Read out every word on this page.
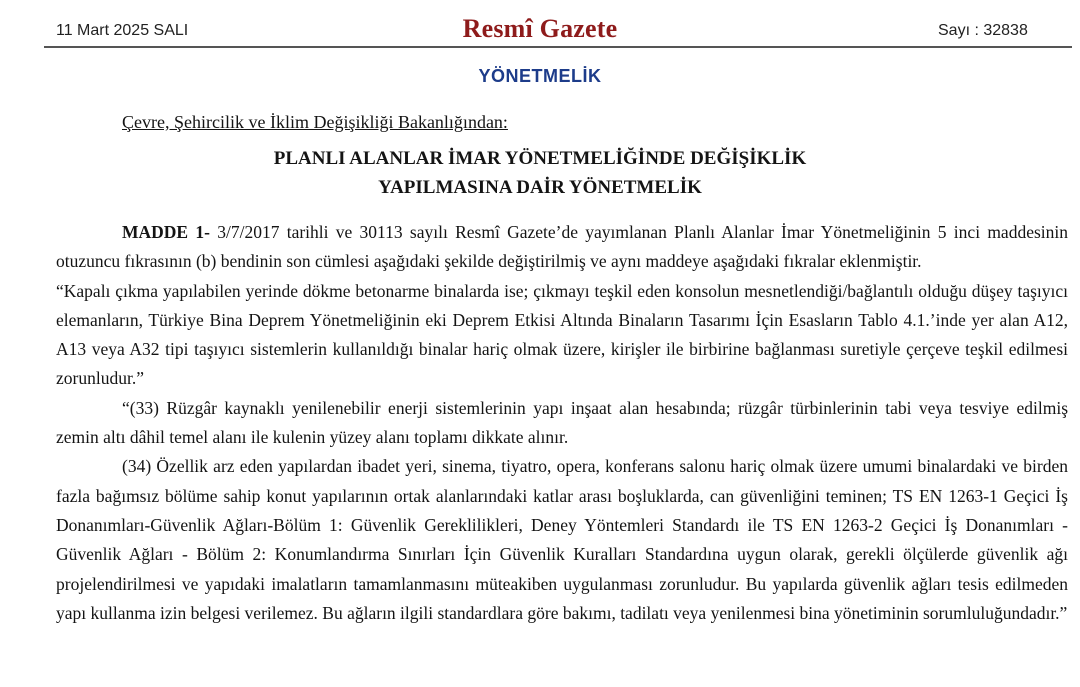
11 Mart 2025 SALI	Resmî Gazete	Sayı : 32838
YÖNETMELİK
Çevre, Şehircilik ve İklim Değişikliği Bakanlığından:
PLANLI ALANLAR İMAR YÖNETMELİĞİNDE DEĞİŞİKLİK
YAPILMASINA DAİR YÖNETMELİK

MADDE 1- 3/7/2017 tarihli ve 30113 sayılı Resmî Gazete’de yayımlanan Planlı Alanlar İmar Yönetmeliğinin 5 inci maddesinin otuzuncu fıkrasının (b) bendinin son cümlesi aşağıdaki şekilde değiştirilmiş ve aynı maddeye aşağıdaki fıkralar eklenmiştir.

“Kapalı çıkma yapılabilen yerinde dökme betonarme binalarda ise; çıkmayı teşkil eden konsolun mesnetlendiği/bağlantılı olduğu düşey taşıyıcı elemanların, Türkiye Bina Deprem Yönetmeliğinin eki Deprem Etkisi Altında Binaların Tasarımı İçin Esasların Tablo 4.1.’inde yer alan A12, A13 veya A32 tipi taşıyıcı sistemlerin kullanıldığı binalar hariç olmak üzere, kirişler ile birbirine bağlanması suretiyle çerçeve teşkil edilmesi zorunludur.”

“(33) Rüzgâr kaynaklı yenilenebilir enerji sistemlerinin yapı inşaat alan hesabında; rüzgâr türbinlerinin tabi veya tesviye edilmiş zemin altı dâhil temel alanı ile kulenin yüzey alanı toplamı dikkate alınır.

(34) Özellik arz eden yapılardan ibadet yeri, sinema, tiyatro, opera, konferans salonu hariç olmak üzere umumi binalardaki ve birden fazla bağımsız bölüme sahip konut yapılarının ortak alanlarındaki katlar arası boşluklarda, can güvenliğini teminen; TS EN 1263-1 Geçici İş Donanımları-Güvenlik Ağları-Bölüm 1: Güvenlik Gereklilikleri, Deney Yöntemleri Standardı ile TS EN 1263-2 Geçici İş Donanımları - Güvenlik Ağları - Bölüm 2: Konumlandırma Sınırları İçin Güvenlik Kuralları Standardına uygun olarak, gerekli ölçülerde güvenlik ağı projelendirilmesi ve yapıdaki imalatların tamamlanmasını müteakiben uygulanması zorunludur. Bu yapılarda güvenlik ağları tesis edilmeden yapı kullanma izin belgesi verilemez. Bu ağların ilgili standardlara göre bakımı, tadilatı veya yenilenmesi bina yönetiminin sorumluluğundadır.”
